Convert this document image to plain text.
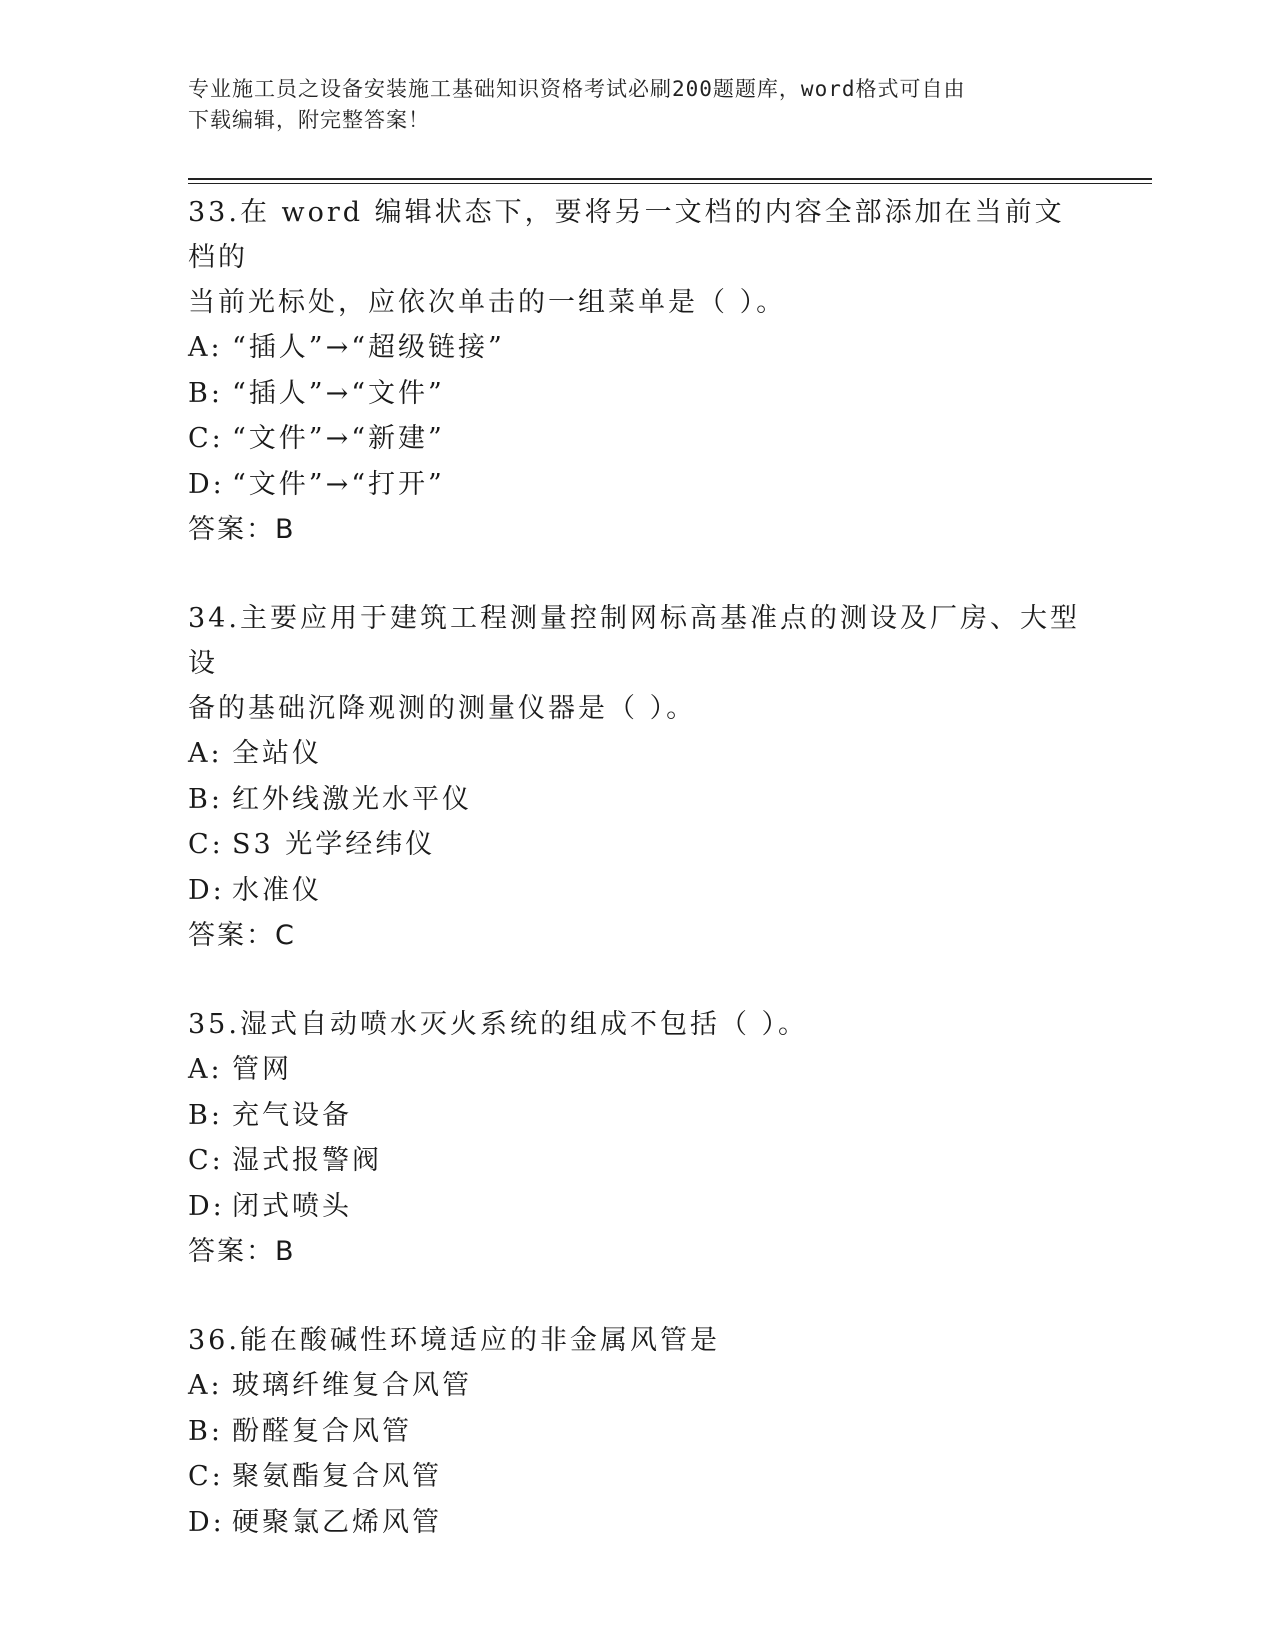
专业施工员之设备安装施工基础知识资格考试必刷200题题库，word格式可自由
下载编辑，附完整答案！

33.在 word 编辑状态下，要将另一文档的内容全部添加在当前文档的

当前光标处，应依次单击的一组菜单是（ ）。

A: “插人”→“超级链接”

B: “插人”→“文件”

C: “文件”→“新建”

D: “文件”→“打开”

答案：B

34.主要应用于建筑工程测量控制网标高基准点的测设及厂房、大型设

备的基础沉降观测的测量仪器是（ ）。

A: 全站仪

B: 红外线激光水平仪

C: S3 光学经纬仪

D: 水准仪

答案：C

35.湿式自动喷水灭火系统的组成不包括（ ）。

A: 管网

B: 充气设备

C: 湿式报警阀

D: 闭式喷头

答案：B

36.能在酸碱性环境适应的非金属风管是

A: 玻璃纤维复合风管

B: 酚醛复合风管

C: 聚氨酯复合风管

D: 硬聚氯乙烯风管
